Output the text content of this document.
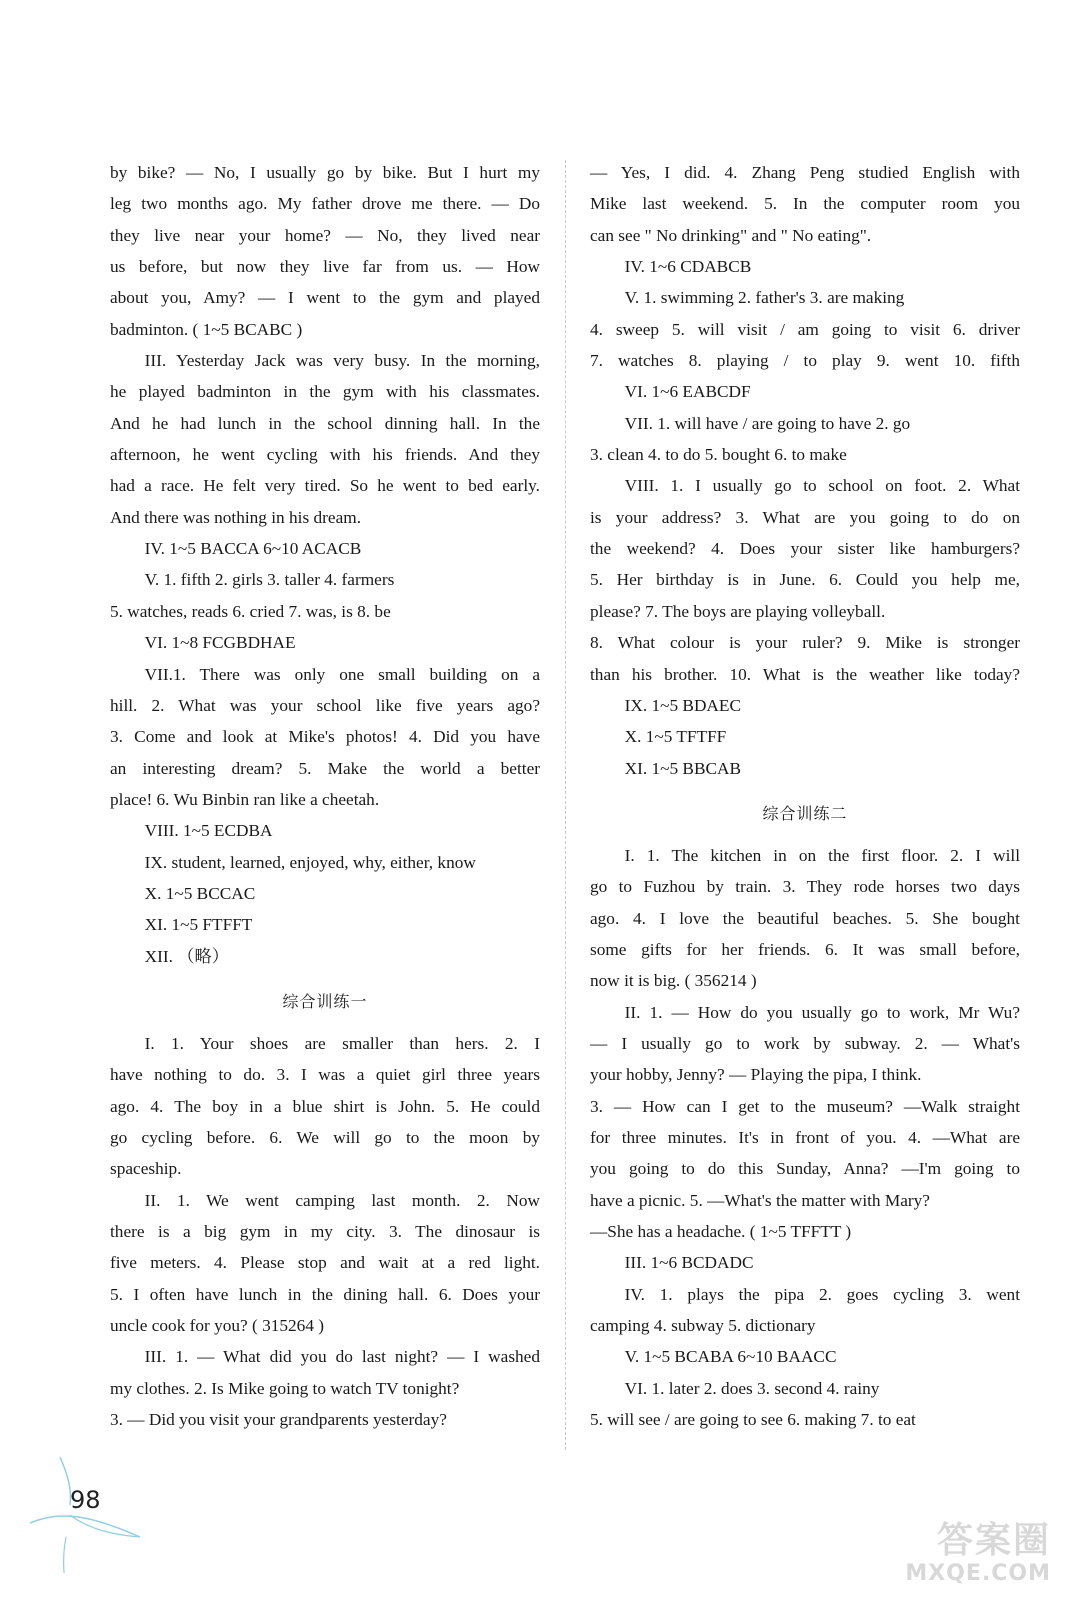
by bike? — No, I usually go by bike. But I hurt my
leg two months ago. My father drove me there. — Do
they live near your home? — No, they lived near
us before, but now they live far from us. — How
about you, Amy? — I went to the gym and played
badminton. ( 1~5 BCABC )
III. Yesterday Jack was very busy. In the morning,
he played badminton in the gym with his classmates.
And he had lunch in the school dinning hall. In the
afternoon, he went cycling with his friends. And they
had a race. He felt very tired. So he went to bed early.
And there was nothing in his dream.
IV. 1~5 BACCA 6~10 ACACB
V. 1. fifth 2. girls 3. taller 4. farmers
5. watches, reads 6. cried 7. was, is 8. be
VI. 1~8 FCGBDHAE
VII.1. There was only one small building on a
hill. 2. What was your school like five years ago?
3. Come and look at Mike's photos! 4. Did you have
an interesting dream? 5. Make the world a better
place! 6. Wu Binbin ran like a cheetah.
VIII. 1~5 ECDBA
IX. student, learned, enjoyed, why, either, know
X. 1~5 BCCAC
XI. 1~5 FTFFT
XII. （略）
综合训练一
I. 1. Your shoes are smaller than hers. 2. I
have nothing to do. 3. I was a quiet girl three years
ago. 4. The boy in a blue shirt is John. 5. He could
go cycling before. 6. We will go to the moon by
spaceship.
II. 1. We went camping last month. 2. Now
there is a big gym in my city. 3. The dinosaur is
five meters. 4. Please stop and wait at a red light.
5. I often have lunch in the dining hall. 6. Does your
uncle cook for you? ( 315264 )
III. 1. — What did you do last night? — I washed
my clothes. 2. Is Mike going to watch TV tonight?
3. — Did you visit your grandparents yesterday?
— Yes, I did. 4. Zhang Peng studied English with
Mike last weekend. 5. In the computer room you
can see " No drinking" and " No eating".
IV. 1~6 CDABCB
V. 1. swimming 2. father's 3. are making
4. sweep 5. will visit / am going to visit 6. driver
7. watches 8. playing / to play 9. went 10. fifth
VI. 1~6 EABCDF
VII. 1. will have / are going to have 2. go
3. clean 4. to do 5. bought 6. to make
VIII. 1. I usually go to school on foot. 2. What
is your address? 3. What are you going to do on
the weekend? 4. Does your sister like hamburgers?
5. Her birthday is in June. 6. Could you help me,
please? 7. The boys are playing volleyball.
8. What colour is your ruler? 9. Mike is stronger
than his brother. 10. What is the weather like today?
IX. 1~5 BDAEC
X. 1~5 TFTFF
XI. 1~5 BBCAB
综合训练二
I. 1. The kitchen in on the first floor. 2. I will
go to Fuzhou by train. 3. They rode horses two days
ago. 4. I love the beautiful beaches. 5. She bought
some gifts for her friends. 6. It was small before,
now it is big. ( 356214 )
II. 1. — How do you usually go to work, Mr Wu?
— I usually go to work by subway. 2. — What's
your hobby, Jenny? — Playing the pipa, I think.
3. — How can I get to the museum? —Walk straight
for three minutes. It's in front of you. 4. —What are
you going to do this Sunday, Anna? —I'm going to
have a picnic. 5. —What's the matter with Mary?
—She has a headache. ( 1~5 TFFTT )
III. 1~6 BCDADC
IV. 1. plays the pipa 2. goes cycling 3. went
camping 4. subway 5. dictionary
V. 1~5 BCABA 6~10 BAACC
VI. 1. later 2. does 3. second 4. rainy
5. will see / are going to see 6. making 7. to eat
98
答案圈
MXQE.COM
